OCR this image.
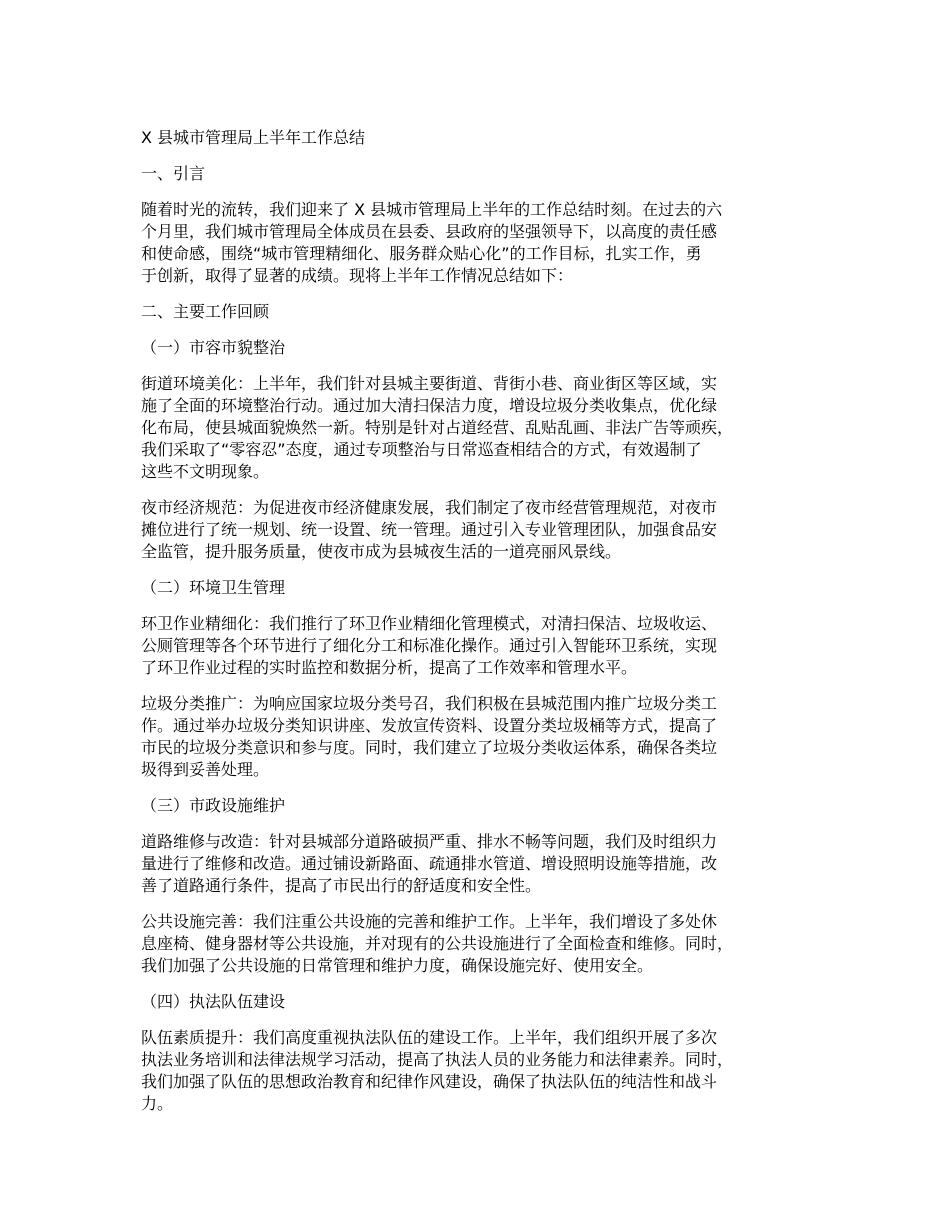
X 县城市管理局上半年工作总结
一、引言
随着时光的流转，我们迎来了 X 县城市管理局上半年的工作总结时刻。在过去的六
个月里，我们城市管理局全体成员在县委、县政府的坚强领导下，以高度的责任感
和使命感，围绕“城市管理精细化、服务群众贴心化”的工作目标，扎实工作，勇
于创新，取得了显著的成绩。现将上半年工作情况总结如下：
二、主要工作回顾
（一）市容市貌整治
街道环境美化：上半年，我们针对县城主要街道、背街小巷、商业街区等区域，实
施了全面的环境整治行动。通过加大清扫保洁力度，增设垃圾分类收集点，优化绿
化布局，使县城面貌焕然一新。特别是针对占道经营、乱贴乱画、非法广告等顽疾，
我们采取了“零容忍”态度，通过专项整治与日常巡查相结合的方式，有效遏制了
这些不文明现象。
夜市经济规范：为促进夜市经济健康发展，我们制定了夜市经营管理规范，对夜市
摊位进行了统一规划、统一设置、统一管理。通过引入专业管理团队，加强食品安
全监管，提升服务质量，使夜市成为县城夜生活的一道亮丽风景线。
（二）环境卫生管理
环卫作业精细化：我们推行了环卫作业精细化管理模式，对清扫保洁、垃圾收运、
公厕管理等各个环节进行了细化分工和标准化操作。通过引入智能环卫系统，实现
了环卫作业过程的实时监控和数据分析，提高了工作效率和管理水平。
垃圾分类推广：为响应国家垃圾分类号召，我们积极在县城范围内推广垃圾分类工
作。通过举办垃圾分类知识讲座、发放宣传资料、设置分类垃圾桶等方式，提高了
市民的垃圾分类意识和参与度。同时，我们建立了垃圾分类收运体系，确保各类垃
圾得到妥善处理。
（三）市政设施维护
道路维修与改造：针对县城部分道路破损严重、排水不畅等问题，我们及时组织力
量进行了维修和改造。通过铺设新路面、疏通排水管道、增设照明设施等措施，改
善了道路通行条件，提高了市民出行的舒适度和安全性。
公共设施完善：我们注重公共设施的完善和维护工作。上半年，我们增设了多处休
息座椅、健身器材等公共设施，并对现有的公共设施进行了全面检查和维修。同时，
我们加强了公共设施的日常管理和维护力度，确保设施完好、使用安全。
（四）执法队伍建设
队伍素质提升：我们高度重视执法队伍的建设工作。上半年，我们组织开展了多次
执法业务培训和法律法规学习活动，提高了执法人员的业务能力和法律素养。同时，
我们加强了队伍的思想政治教育和纪律作风建设，确保了执法队伍的纯洁性和战斗
力。
